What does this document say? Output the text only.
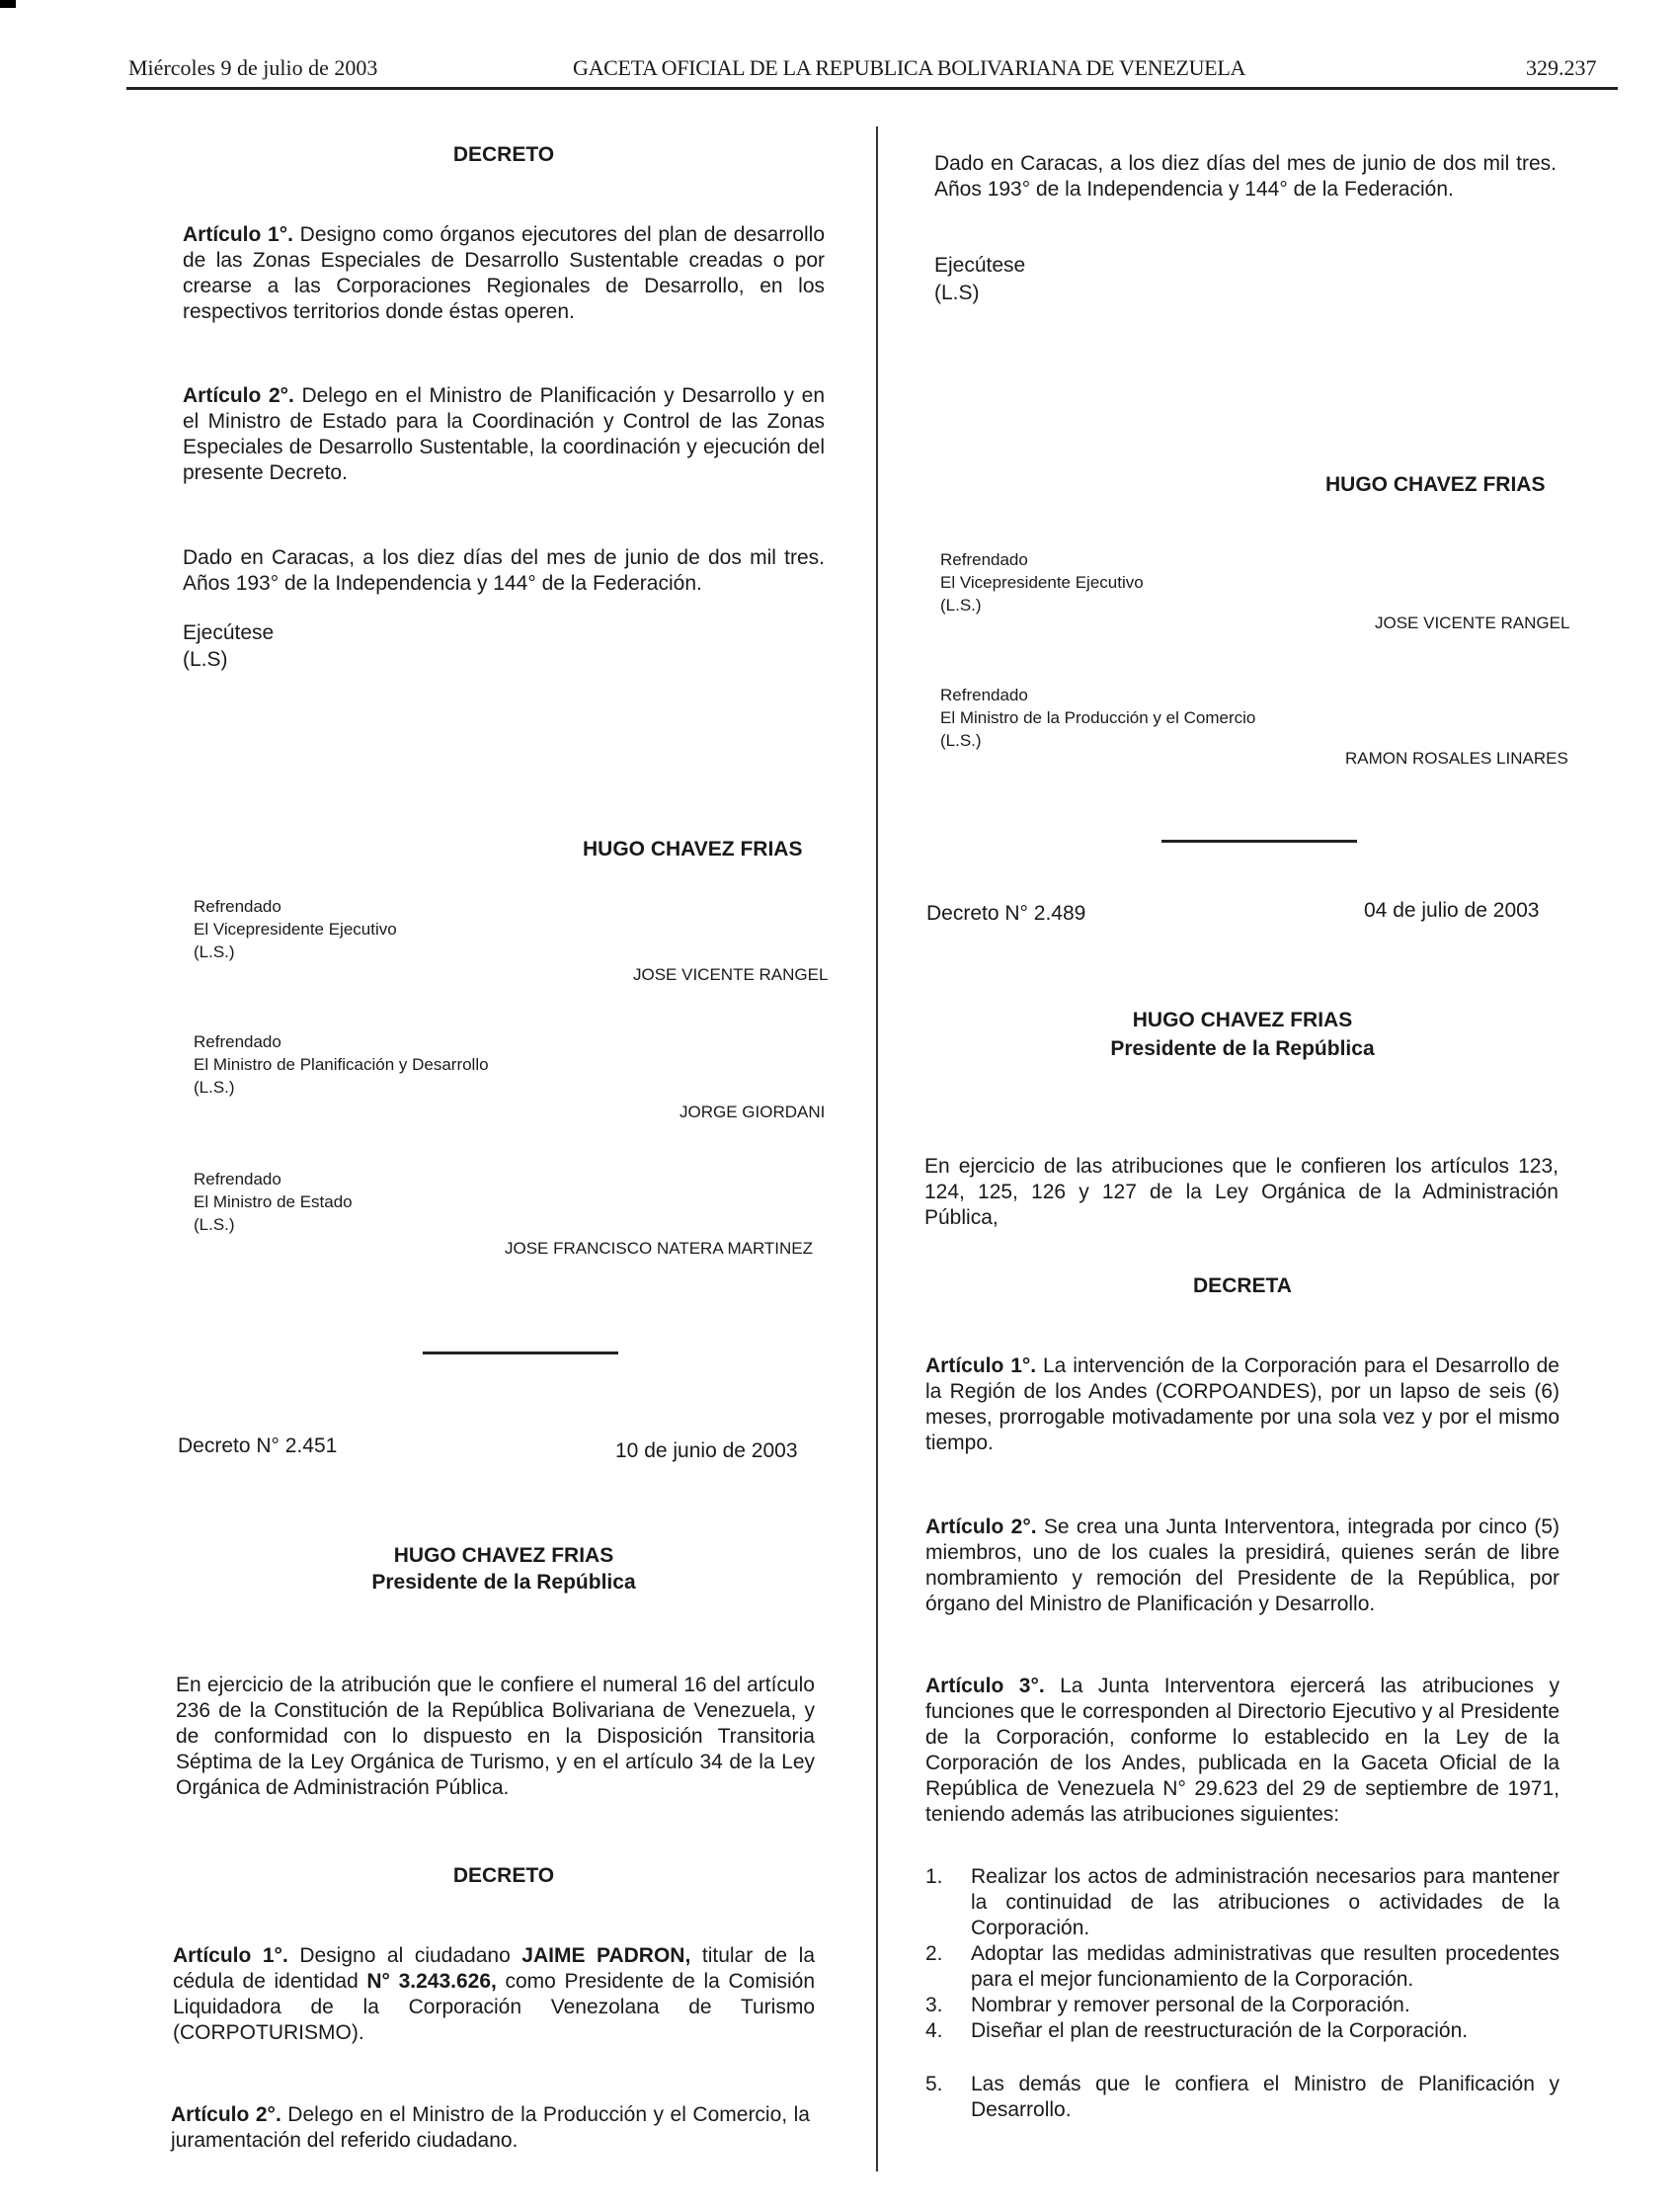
Miércoles 9 de julio de 2003	GACETA OFICIAL DE LA REPUBLICA BOLIVARIANA DE VENEZUELA	329.237
DECRETO
Artículo 1°. Designo como órganos ejecutores del plan de desarrollo de las Zonas Especiales de Desarrollo Sustentable creadas o por crearse a las Corporaciones Regionales de Desarrollo, en los respectivos territorios donde éstas operen.
Artículo 2°. Delego en el Ministro de Planificación y Desarrollo y en el Ministro de Estado para la Coordinación y Control de las Zonas Especiales de Desarrollo Sustentable, la coordinación y ejecución del presente Decreto.
Dado en Caracas, a los diez días del mes de junio de dos mil tres. Años 193° de la Independencia y 144° de la Federación.
Ejecútese
(L.S)
HUGO CHAVEZ FRIAS
Refrendado
El Vicepresidente Ejecutivo
(L.S.)
JOSE VICENTE RANGEL
Refrendado
El Ministro de Planificación y Desarrollo
(L.S.)
JORGE GIORDANI
Refrendado
El Ministro de Estado
(L.S.)
JOSE FRANCISCO NATERA MARTINEZ
Decreto N° 2.451	10 de junio de 2003
HUGO CHAVEZ FRIAS
Presidente de la República
En ejercicio de la atribución que le confiere el numeral 16 del artículo 236 de la Constitución de la República Bolivariana de Venezuela, y de conformidad con lo dispuesto en la Disposición Transitoria Séptima de la Ley Orgánica de Turismo, y en el artículo 34 de la Ley Orgánica de Administración Pública.
DECRETO
Artículo 1°. Designo al ciudadano JAIME PADRON, titular de la cédula de identidad N° 3.243.626, como Presidente de la Comisión Liquidadora de la Corporación Venezolana de Turismo (CORPOTURISMO).
Artículo 2°. Delego en el Ministro de la Producción y el Comercio, la juramentación del referido ciudadano.
Dado en Caracas, a los diez días del mes de junio de dos mil tres. Años 193° de la Independencia y 144° de la Federación.
Ejecútese
(L.S)
HUGO CHAVEZ FRIAS
Refrendado
El Vicepresidente Ejecutivo
(L.S.)
JOSE VICENTE RANGEL
Refrendado
El Ministro de la Producción y el Comercio
(L.S.)
RAMON ROSALES LINARES
Decreto N° 2.489	04 de julio de 2003
HUGO CHAVEZ FRIAS
Presidente de la República
En ejercicio de las atribuciones que le confieren los artículos 123, 124, 125, 126 y 127 de la Ley Orgánica de la Administración Pública,
DECRETA
Artículo 1°. La intervención de la Corporación para el Desarrollo de la Región de los Andes (CORPOANDES), por un lapso de seis (6) meses, prorrogable motivadamente por una sola vez y por el mismo tiempo.
Artículo 2°. Se crea una Junta Interventora, integrada por cinco (5) miembros, uno de los cuales la presidirá, quienes serán de libre nombramiento y remoción del Presidente de la República, por órgano del Ministro de Planificación y Desarrollo.
Artículo 3°. La Junta Interventora ejercerá las atribuciones y funciones que le corresponden al Directorio Ejecutivo y al Presidente de la Corporación, conforme lo establecido en la Ley de la Corporación de los Andes, publicada en la Gaceta Oficial de la República de Venezuela N° 29.623 del 29 de septiembre de 1971, teniendo además las atribuciones siguientes:
1.	Realizar los actos de administración necesarios para mantener la continuidad de las atribuciones o actividades de la Corporación.
2.	Adoptar las medidas administrativas que resulten procedentes para el mejor funcionamiento de la Corporación.
3.	Nombrar y remover personal de la Corporación.
4.	Diseñar el plan de reestructuración de la Corporación.
5.	Las demás que le confiera el Ministro de Planificación y Desarrollo.
